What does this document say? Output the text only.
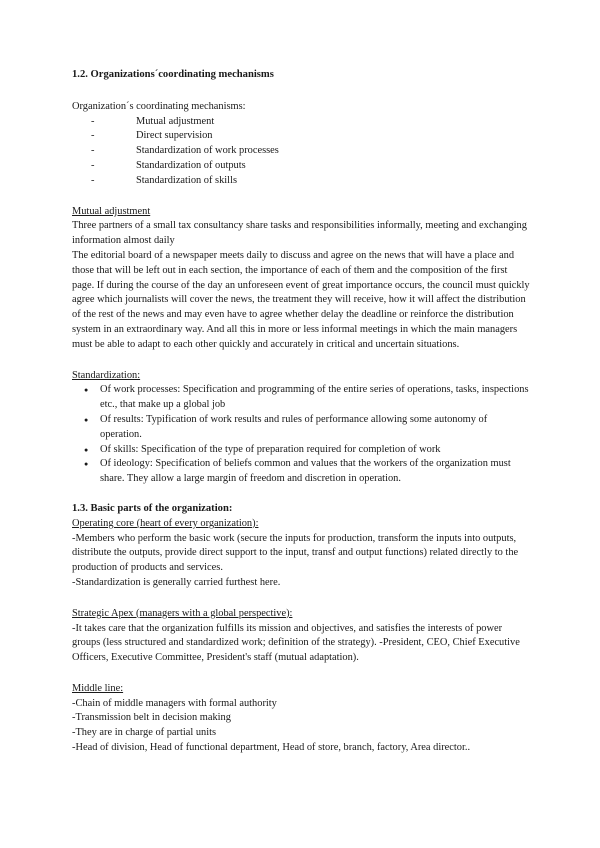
1.2. Organizations´coordinating mechanisms

Organization´s coordinating mechanisms:

- Mutual adjustment
- Direct supervision
- Standardization of work processes
- Standardization of outputs
- Standardization of skills

Mutual adjustment

Three partners of a small tax consultancy share tasks and responsibilities informally, meeting and exchanging information almost daily

The editorial board of a newspaper meets daily to discuss and agree on the news that will have a place and those that will be left out in each section, the importance of each of them and the composition of the first page. If during the course of the day an unforeseen event of great importance occurs, the council must quickly agree which journalists will cover the news, the treatment they will receive, how it will affect the distribution of the rest of the news and may even have to agree whether delay the deadline or reinforce the distribution system in an extraordinary way. And all this in more or less informal meetings in which the main managers must be able to adapt to each other quickly and accurately in critical and uncertain situations.

Standardization:

● Of work processes: Specification and programming of the entire series of operations, tasks, inspections etc., that make up a global job
● Of results: Typification of work results and rules of performance allowing some autonomy of operation.
● Of skills: Specification of the type of preparation required for completion of work
● Of ideology: Specification of beliefs common and values that the workers of the organization must share. They allow a large margin of freedom and discretion in operation.

1.3. Basic parts of the organization:

Operating core (heart of every organization):

-Members who perform the basic work (secure the inputs for production, transform the inputs into outputs, distribute the outputs, provide direct support to the input, transf and output functions) related directly to the production of products and services.

-Standardization is generally carried furthest here.

Strategic Apex (managers with a global perspective):

-It takes care that the organization fulfills its mission and objectives, and satisfies the interests of power groups (less structured and standardized work; definition of the strategy). -President, CEO, Chief Executive Officers, Executive Committee, President's staff (mutual adaptation).

Middle line:

-Chain of middle managers with formal authority

-Transmission belt in decision making

-They are in charge of partial units

-Head of division, Head of functional department, Head of store, branch, factory, Area director..
